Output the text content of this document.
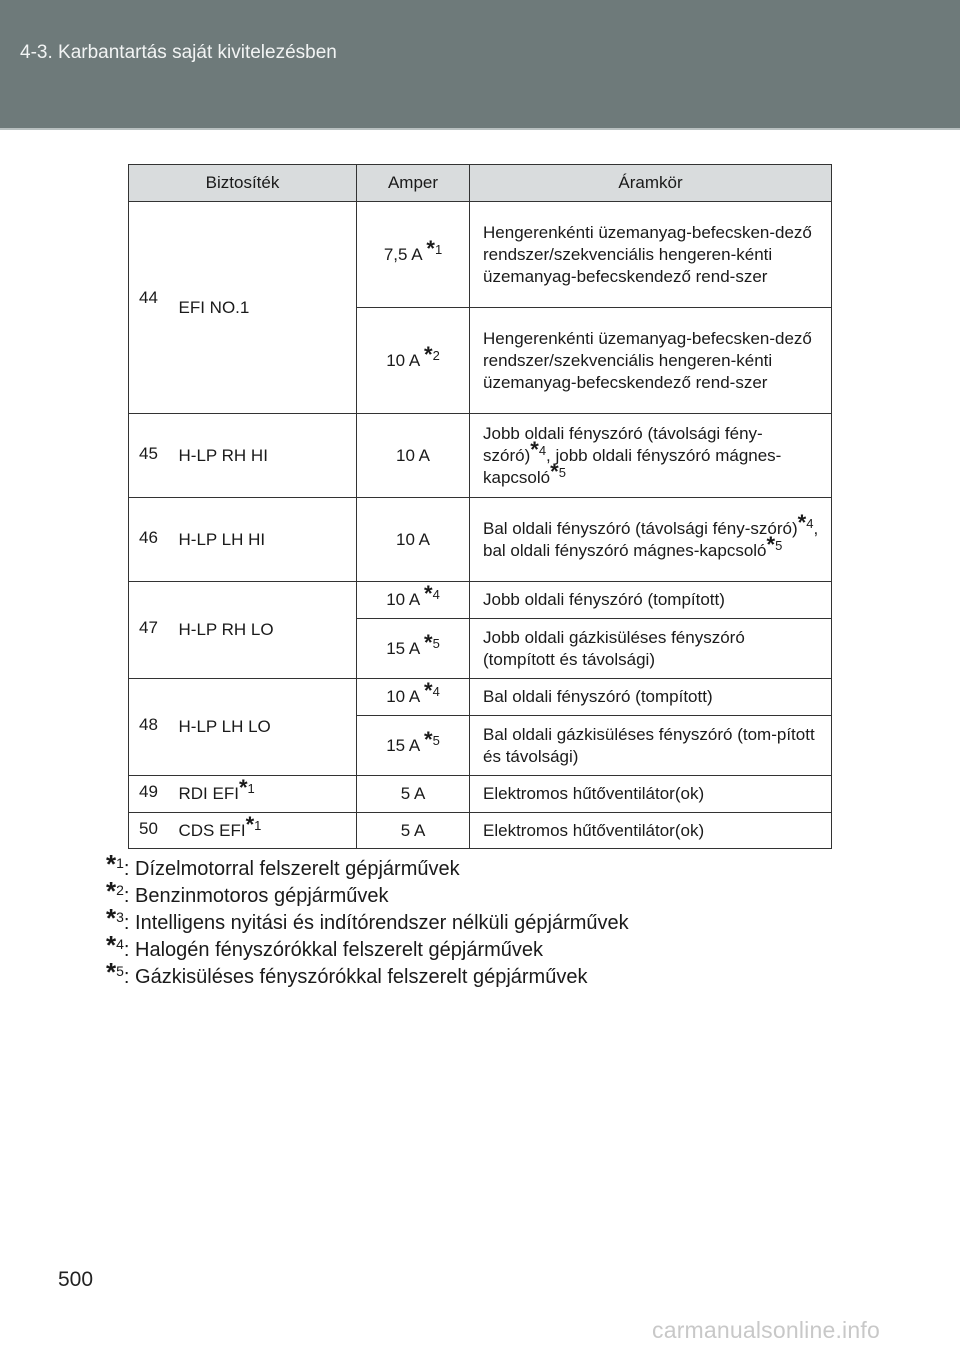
4-3. Karbantartás saját kivitelezésben
Biztosíték		Amper	Áramkör
44	EFI NO.1	7,5 A *$^1$	Hengerenkénti üzemanyag-befecsken-dező rendszer/szekvenciális hengeren-kénti üzemanyag-befecskendező rend-szer
		10 A *$^2$	Hengerenkénti üzemanyag-befecsken-dező rendszer/szekvenciális hengeren-kénti üzemanyag-befecskendező rend-szer
45	H-LP RH HI	10 A	Jobb oldali fényszóró (távolsági fény-szóró)*$^4$, jobb oldali fényszóró mágnes-kapcsoló*$^5$
46	H-LP LH HI	10 A	Bal oldali fényszóró (távolsági fény-szóró)*$^4$, bal oldali fényszóró mágnes-kapcsoló*$^5$
47	H-LP RH LO	10 A *$^4$	Jobb oldali fényszóró (tompított)
		15 A *$^5$	Jobb oldali gázkisüléses fényszóró (tompított és távolsági)
48	H-LP LH LO	10 A *$^4$	Bal oldali fényszóró (tompított)
		15 A *$^5$	Bal oldali gázkisüléses fényszóró (tom-pított és távolsági)
49	RDI EFI*$^1$	5 A	Elektromos hűtőventilátor(ok)
50	CDS EFI*$^1$	5 A	Elektromos hűtőventilátor(ok)
*$^1$: Dízelmotorral felszerelt gépjárművek
*$^2$: Benzinmotoros gépjárművek
*$^3$: Intelligens nyitási és indítórendszer nélküli gépjárművek
*$^4$: Halogén fényszórókkal felszerelt gépjárművek
*$^5$: Gázkisüléses fényszórókkal felszerelt gépjárművek
500
carmanualsonline.info
